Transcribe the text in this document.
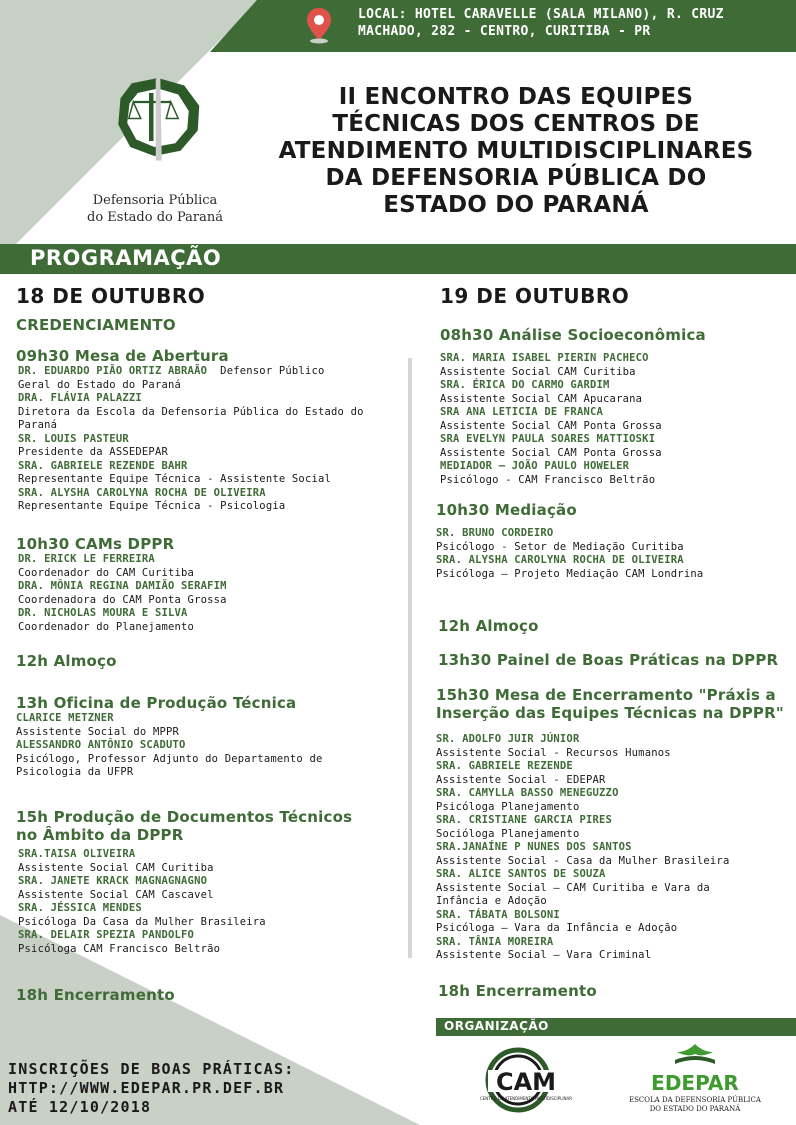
LOCAL: HOTEL CARAVELLE (SALA MILANO), R. CRUZ
MACHADO, 282 - CENTRO, CURITIBA - PR
Defensoria Pública
do Estado do Paraná
II ENCONTRO DAS EQUIPES
TÉCNICAS DOS CENTROS DE
ATENDIMENTO MULTIDISCIPLINARES
DA DEFENSORIA PÚBLICA DO
ESTADO DO PARANÁ
PROGRAMAÇÃO
18 DE OUTUBRO
CREDENCIAMENTO
09h30 Mesa de Abertura
DR. EDUARDO PIÃO ORTIZ ABRAÃO Defensor Público
Geral do Estado do Paraná
DRA. FLÁVIA PALAZZI
Diretora da Escola da Defensoria Pública do Estado do
Paraná
SR. LOUIS PASTEUR
Presidente da ASSEDEPAR
SRA. GABRIELE REZENDE BAHR
Representante Equipe Técnica - Assistente Social
SRA. ALYSHA CAROLYNA ROCHA DE OLIVEIRA
Representante Equipe Técnica - Psicologia
10h30 CAMs DPPR
DR. ERICK LE FERREIRA
Coordenador do CAM Curitiba
DRA. MÔNIA REGINA DAMIÃO SERAFIM
Coordenadora do CAM Ponta Grossa
DR. NICHOLAS MOURA E SILVA
Coordenador do Planejamento
12h Almoço
13h Oficina de Produção Técnica
CLARICE METZNER
Assistente Social do MPPR
ALESSANDRO ANTÔNIO SCADUTO
Psicólogo, Professor Adjunto do Departamento de
Psicologia da UFPR
15h Produção de Documentos Técnicos
no Âmbito da DPPR
SRA.TAISA OLIVEIRA
Assistente Social CAM Curitiba
SRA. JANETE KRACK MAGNAGNAGNO
Assistente Social CAM Cascavel
SRA. JÉSSICA MENDES
Psicóloga Da Casa da Mulher Brasileira
SRA. DELAIR SPEZIA PANDOLFO
Psicóloga CAM Francisco Beltrão
18h Encerramento
19 DE OUTUBRO
08h30 Análise Socioeconômica
SRA. MARIA ISABEL PIERIN PACHECO
Assistente Social CAM Curitiba
SRA. ÉRICA DO CARMO GARDIM
Assistente Social CAM Apucarana
SRA ANA LETICIA DE FRANCA
Assistente Social CAM Ponta Grossa
SRA EVELYN PAULA SOARES MATTIOSKI
Assistente Social CAM Ponta Grossa
MEDIADOR – JOÃO PAULO HOWELER
Psicólogo - CAM Francisco Beltrão
10h30 Mediação
SR. BRUNO CORDEIRO
Psicólogo - Setor de Mediação Curitiba
SRA. ALYSHA CAROLYNA ROCHA DE OLIVEIRA
Psicóloga – Projeto Mediação CAM Londrina
12h Almoço
13h30 Painel de Boas Práticas na DPPR
15h30 Mesa de Encerramento "Práxis a
Inserção das Equipes Técnicas na DPPR"
SR. ADOLFO JUIR JÚNIOR
Assistente Social - Recursos Humanos
SRA. GABRIELE REZENDE
Assistente Social - EDEPAR
SRA. CAMYLLA BASSO MENEGUZZO
Psicóloga Planejamento
SRA. CRISTIANE GARCIA PIRES
Socióloga Planejamento
SRA.JANAÍNE P NUNES DOS SANTOS
Assistente Social - Casa da Mulher Brasileira
SRA. ALICE SANTOS DE SOUZA
Assistente Social – CAM Curitiba e Vara da
Infância e Adoção
SRA. TÁBATA BOLSONI
Psicóloga – Vara da Infância e Adoção
SRA. TÂNIA MOREIRA
Assistente Social – Vara Criminal
18h Encerramento
ORGANIZAÇÃO
CAM
CENTRO DE ATENDIMENTO MULTIDISCIPLINAR
EDEPAR
ESCOLA DA DEFENSORIA PÚBLICA
DO ESTADO DO PARANÁ
INSCRIÇÕES DE BOAS PRÁTICAS:
HTTP://WWW.EDEPAR.PR.DEF.BR
ATÉ 12/10/2018
